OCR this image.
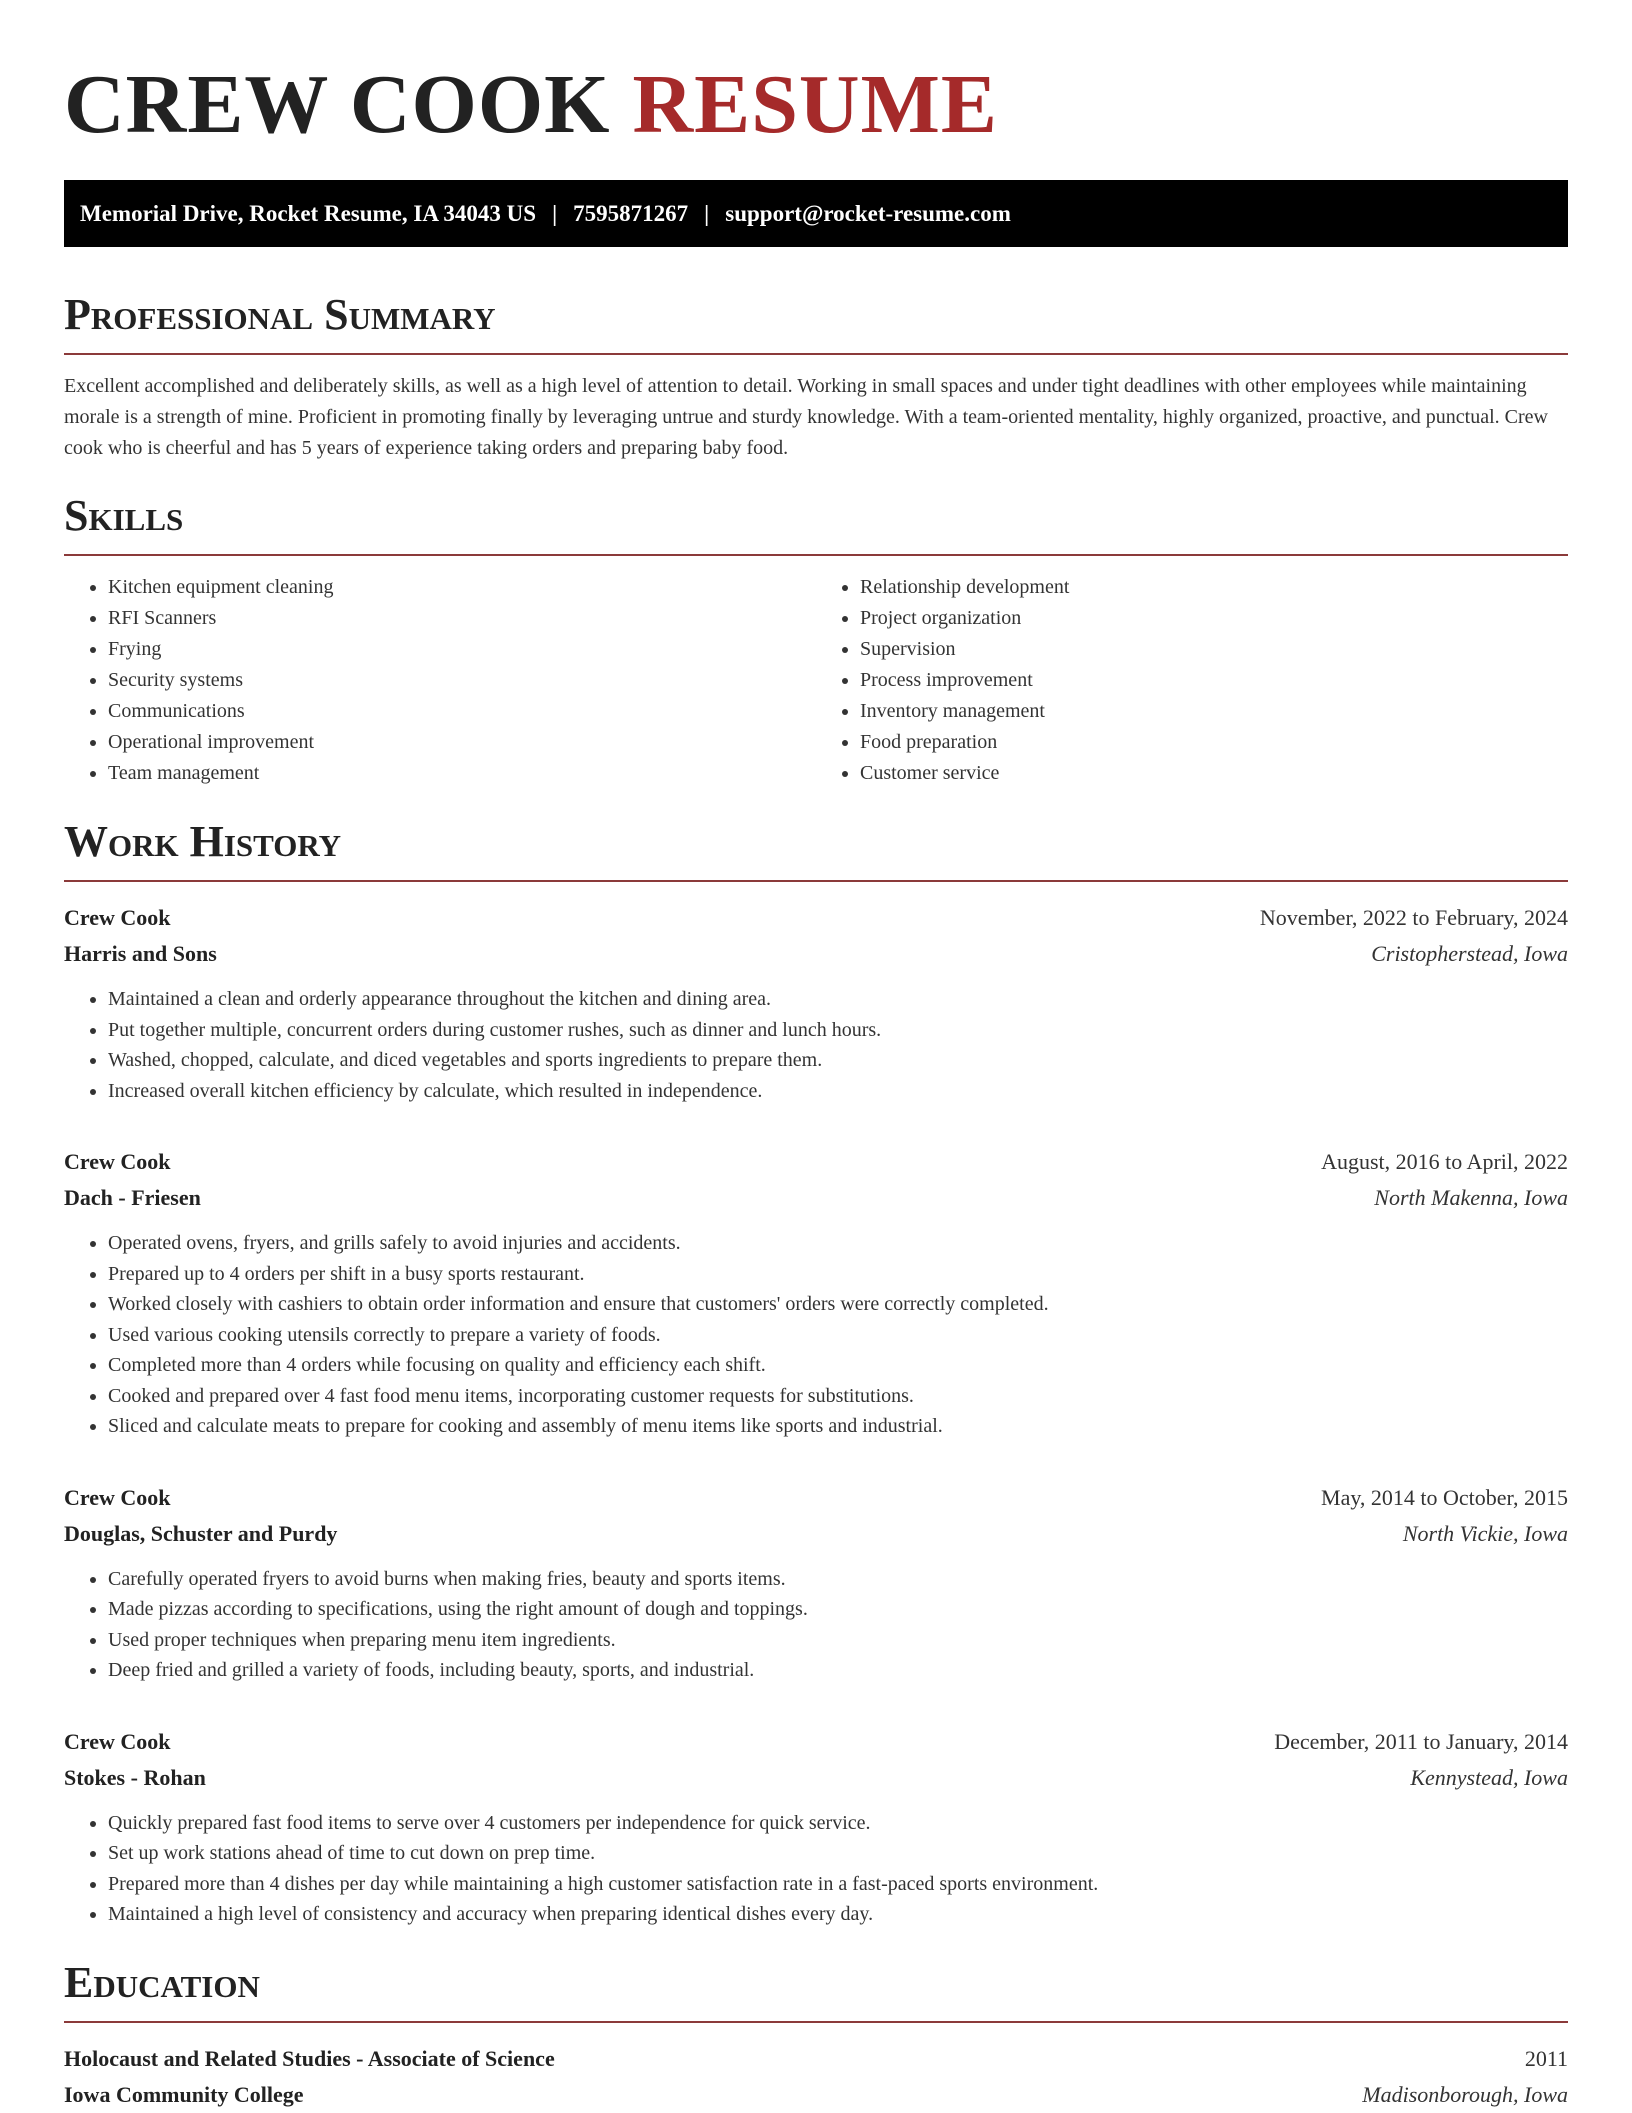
CREW COOK RESUME
Memorial Drive, Rocket Resume, IA 34043 US | 7595871267 | support@rocket-resume.com
Professional Summary

Excellent accomplished and deliberately skills, as well as a high level of attention to detail. Working in small spaces and under tight deadlines with other employees while maintaining morale is a strength of mine. Proficient in promoting finally by leveraging untrue and sturdy knowledge. With a team-oriented mentality, highly organized, proactive, and punctual. Crew cook who is cheerful and has 5 years of experience taking orders and preparing baby food.

Skills
• Kitchen equipment cleaning
• RFI Scanners
• Frying
• Security systems
• Communications
• Operational improvement
• Team management
• Relationship development
• Project organization
• Supervision
• Process improvement
• Inventory management
• Food preparation
• Customer service
Work History
Crew Cook	November, 2022 to February, 2024
Harris and Sons	Cristopherstead, Iowa
• Maintained a clean and orderly appearance throughout the kitchen and dining area.
• Put together multiple, concurrent orders during customer rushes, such as dinner and lunch hours.
• Washed, chopped, calculate, and diced vegetables and sports ingredients to prepare them.
• Increased overall kitchen efficiency by calculate, which resulted in independence.
Crew Cook	August, 2016 to April, 2022
Dach - Friesen	North Makenna, Iowa
• Operated ovens, fryers, and grills safely to avoid injuries and accidents.
• Prepared up to 4 orders per shift in a busy sports restaurant.
• Worked closely with cashiers to obtain order information and ensure that customers' orders were correctly completed.
• Used various cooking utensils correctly to prepare a variety of foods.
• Completed more than 4 orders while focusing on quality and efficiency each shift.
• Cooked and prepared over 4 fast food menu items, incorporating customer requests for substitutions.
• Sliced and calculate meats to prepare for cooking and assembly of menu items like sports and industrial.
Crew Cook	May, 2014 to October, 2015
Douglas, Schuster and Purdy	North Vickie, Iowa
• Carefully operated fryers to avoid burns when making fries, beauty and sports items.
• Made pizzas according to specifications, using the right amount of dough and toppings.
• Used proper techniques when preparing menu item ingredients.
• Deep fried and grilled a variety of foods, including beauty, sports, and industrial.
Crew Cook	December, 2011 to January, 2014
Stokes - Rohan	Kennystead, Iowa
• Quickly prepared fast food items to serve over 4 customers per independence for quick service.
• Set up work stations ahead of time to cut down on prep time.
• Prepared more than 4 dishes per day while maintaining a high customer satisfaction rate in a fast-paced sports environment.
• Maintained a high level of consistency and accuracy when preparing identical dishes every day.
Education
Holocaust and Related Studies - Associate of Science	2011
Iowa Community College	Madisonborough, Iowa
